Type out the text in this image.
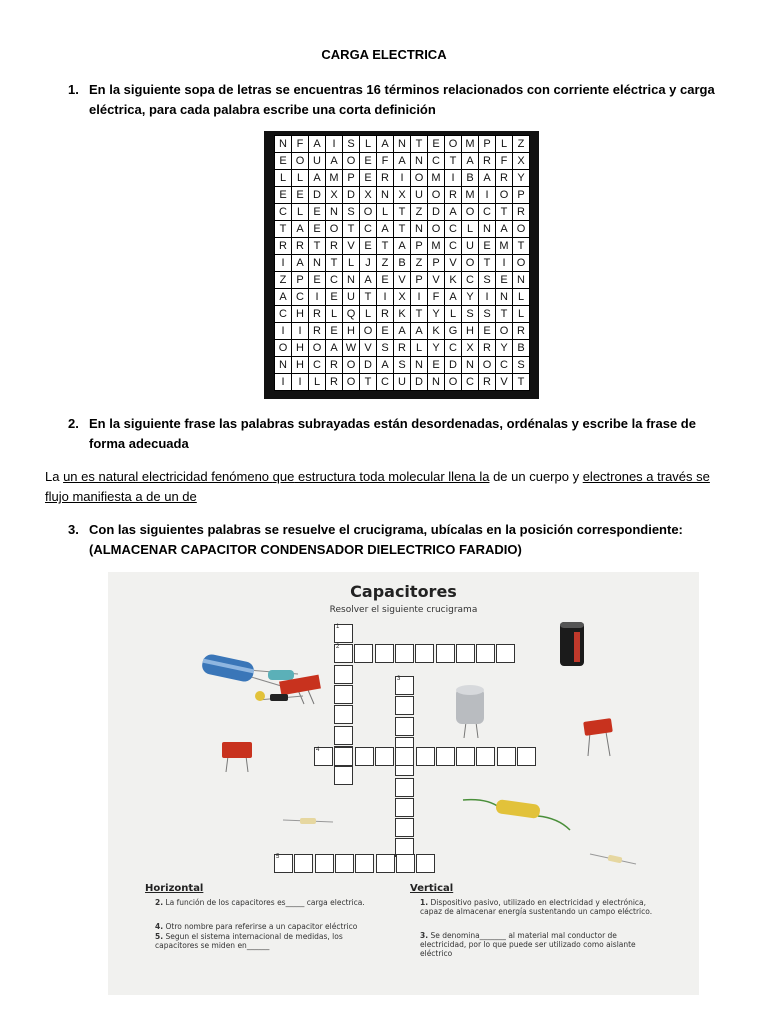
CARGA ELECTRICA
1. En la siguiente sopa de letras se encuentras 16 términos relacionados con corriente eléctrica y carga eléctrica, para cada palabra escribe una corta definición
N F A	I	S L A N T E O M P L Z
E O U A O E F A N C T A R F X
L L A M P E R	I	O M I	B A R Y
E E D X D X N X U O R M I	O P
C L E N S O L T Z D A O C T R
T A E O T C A T N O C L N A O
R R T R V E T A P M C U E M T
I	A N T L	J Z B Z P V O T	I	O
Z P E C N A E V P V K C S E N
A C	I	E U T	I	X	I	F A Y	I	N L
C H R L Q L R K T Y L S S T L
I	I	R E H O E A A K G H E O R
O H O A W V S R L Y C X R Y B
N H C R O D A S N E D N O C S
I	I	L R O T C U D N O C R V T
2. En la siguiente frase las palabras subrayadas están desordenadas, ordénalas y escribe la frase de forma adecuada
La un es natural electricidad fenómeno que estructura toda molecular llena la de un cuerpo y electrones a través se flujo manifiesta a de un de
3. Con las siguientes palabras se resuelve el crucigrama, ubícalas en la posición correspondiente: (ALMACENAR CAPACITOR CONDENSADOR DIELECTRICO FARADIO)
Capacitores
Resolver el siguiente crucigrama
1
2
3
4
5
Horizontal
2. La función de los capacitores es_____ carga electrica.
4. Otro nombre para referirse a un capacitor eléctrico
5. Segun el sistema internacional de medidas, los capacitores se miden en______
Vertical
1. Dispositivo pasivo, utilizado en electricidad y electrónica, capaz de almacenar energía sustentando un campo eléctrico.
3. Se denomina_______ al material mal conductor de electricidad, por lo que puede ser utilizado como aislante eléctrico
